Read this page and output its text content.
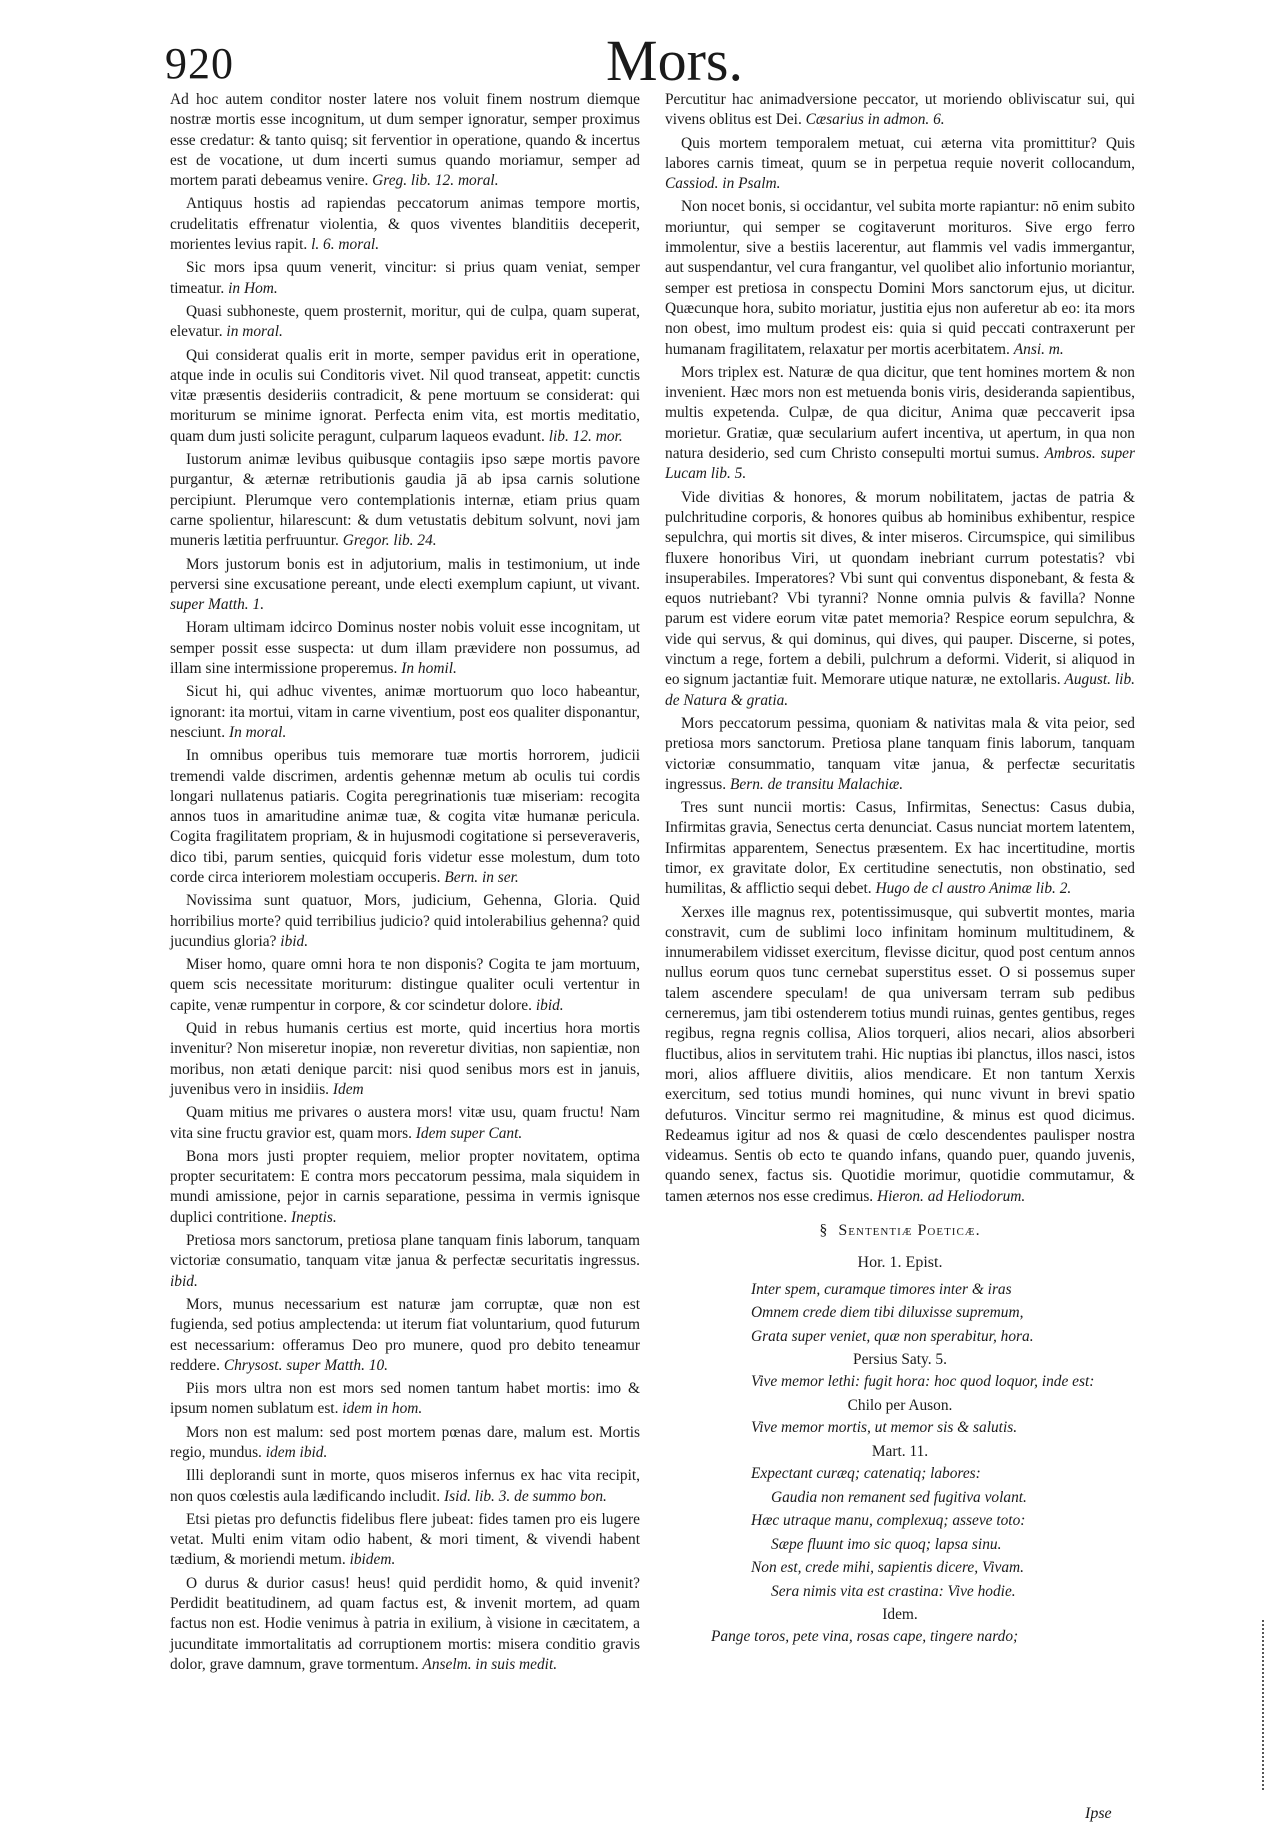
920	Mors.

Ad hoc autem conditor noster latere nos voluit finem nostrum diemque nostræ mortis esse incognitum, ut dum semper ignoratur, semper proximus esse credatur: & tanto quisq; sit ferventior in operatione, quando & incertus est de vocatione, ut dum incerti sumus quando moriamur, semper ad mortem parati debeamus venire. Greg. lib. 12. moral.

Antiquus hostis ad rapiendas peccatorum animas tempore mortis, crudelitatis effrenatur violentia, & quos viventes blanditiis deceperit, morientes levius rapit. l. 6. moral.

Sic mors ipsa quum venerit, vincitur: si prius quam veniat, semper timeatur. in Hom.

Quasi subhoneste, quem prosternit, moritur, qui de culpa, quam superat, elevatur. in moral.

Qui considerat qualis erit in morte, semper pavidus erit in operatione, atque inde in oculis sui Conditoris vivet. Nil quod transeat, appetit: cunctis vitæ præsentis desideriis contradicit, & pene mortuum se considerat: qui moriturum se minime ignorat. Perfecta enim vita, est mortis meditatio, quam dum justi solicite peragunt, culparum laqueos evadunt. lib. 12. mor.

Iustorum animæ levibus quibusque contagiis ipso sæpe mortis pavore purgantur, & æternæ retributionis gaudia jā ab ipsa carnis solutione percipiunt. Plerumque vero contemplationis internæ, etiam prius quam carne spolientur, hilarescunt: & dum vetustatis debitum solvunt, novi jam muneris lætitia perfruuntur. Gregor. lib. 24.

Mors justorum bonis est in adjutorium, malis in testimonium, ut inde perversi sine excusatione pereant, unde electi exemplum capiunt, ut vivant. super Matth. 1.

Horam ultimam idcirco Dominus noster nobis voluit esse incognitam, ut semper possit esse suspecta: ut dum illam prævidere non possumus, ad illam sine intermissione properemus. In homil.

Sicut hi, qui adhuc viventes, animæ mortuorum quo loco habeantur, ignorant: ita mortui, vitam in carne viventium, post eos qualiter disponantur, nesciunt. In moral.

In omnibus operibus tuis memorare tuæ mortis horrorem, judicii tremendi valde discrimen, ardentis gehennæ metum ab oculis tui cordis longari nullatenus patiaris. Cogita peregrinationis tuæ miseriam: recogita annos tuos in amaritudine animæ tuæ, & cogita vitæ humanæ pericula. Cogita fragilitatem propriam, & in hujusmodi cogitatione si perseveraveris, dico tibi, parum senties, quicquid foris videtur esse molestum, dum toto corde circa interiorem molestiam occuperis. Bern. in ser.

Novissima sunt quatuor, Mors, judicium, Gehenna, Gloria. Quid horribilius morte? quid terribilius judicio? quid intolerabilius gehenna? quid jucundius gloria? ibid.

Miser homo, quare omni hora te non disponis? Cogita te jam mortuum, quem scis necessitate moriturum: distingue qualiter oculi vertentur in capite, venæ rumpentur in corpore, & cor scindetur dolore. ibid.

Quid in rebus humanis certius est morte, quid incertius hora mortis invenitur? Non miseretur inopiæ, non reveretur divitias, non sapientiæ, non moribus, non ætati denique parcit: nisi quod senibus mors est in januis, juvenibus vero in insidiis. Idem

Quam mitius me privares o austera mors! vitæ usu, quam fructu! Nam vita sine fructu gravior est, quam mors. Idem super Cant.

Bona mors justi propter requiem, melior propter novitatem, optima propter securitatem: E contra mors peccatorum pessima, mala siquidem in mundi amissione, pejor in carnis separatione, pessima in vermis ignisque duplici contritione. Ineptis.

Pretiosa mors sanctorum, pretiosa plane tanquam finis laborum, tanquam victoriæ consumatio, tanquam vitæ janua & perfectæ securitatis ingressus. ibid.

Mors, munus necessarium est naturæ jam corruptæ, quæ non est fugienda, sed potius amplectenda: ut iterum fiat voluntarium, quod futurum est necessarium: offeramus Deo pro munere, quod pro debito teneamur reddere. Chrysost. super Matth. 10.

Piis mors ultra non est mors sed nomen tantum habet mortis: imo & ipsum nomen sublatum est. idem in hom.

Mors non est malum: sed post mortem pœnas dare, malum est. Mortis regio, mundus. idem ibid.

Illi deplorandi sunt in morte, quos miseros infernus ex hac vita recipit, non quos cœlestis aula lædificando includit. Isid. lib. 3. de summo bon.

Etsi pietas pro defunctis fidelibus flere jubeat: fides tamen pro eis lugere vetat. Multi enim vitam odio habent, & mori timent, & vivendi habent tædium, & moriendi metum. ibidem.

O durus & durior casus! heus! quid perdidit homo, & quid invenit? Perdidit beatitudinem, ad quam factus est, & invenit mortem, ad quam factus non est. Hodie venimus à patria in exilium, à visione in cæcitatem, a jucunditate immortalitatis ad corruptionem mortis: misera conditio gravis dolor, grave damnum, grave tormentum. Anselm. in suis medit.

Percutitur hac animadversione peccator, ut moriendo obliviscatur sui, qui vivens oblitus est Dei. Cæsarius in admon. 6.

Quis mortem temporalem metuat, cui æterna vita promittitur? Quis labores carnis timeat, quum se in perpetua requie noverit collocandum, Cassiod. in Psalm.

Non nocet bonis, si occidantur, vel subita morte rapiantur: nō enim subito moriuntur, qui semper se cogitaverunt morituros. Sive ergo ferro immolentur, sive a bestiis lacerentur, aut flammis vel vadis immergantur, aut suspendantur, vel cura frangantur, vel quolibet alio infortunio moriantur, semper est pretiosa in conspectu Domini Mors sanctorum ejus, ut dicitur. Quæcunque hora, subito moriatur, justitia ejus non auferetur ab eo: ita mors non obest, imo multum prodest eis: quia si quid peccati contraxerunt per humanam fragilitatem, relaxatur per mortis acerbitatem. Ansi. m.

Mors triplex est. Naturæ de qua dicitur, que tent homines mortem & non invenient. Hæc mors non est metuenda bonis viris, desideranda sapientibus, multis expetenda. Culpæ, de qua dicitur, Anima quæ peccaverit ipsa morietur. Gratiæ, quæ secularium aufert incentiva, ut apertum, in qua non natura desiderio, sed cum Christo consepulti mortui sumus. Ambros. super Lucam lib. 5.

Vide divitias & honores, & morum nobilitatem, jactas de patria & pulchritudine corporis, & honores quibus ab hominibus exhibentur, respice sepulchra, qui mortis sit dives, & inter miseros. Circumspice, qui similibus fluxere honoribus Viri, ut quondam inebriant currum potestatis? vbi insuperabiles. Imperatores? Vbi sunt qui conventus disponebant, & festa & equos nutriebant? Vbi tyranni? Nonne omnia pulvis & favilla? Nonne parum est videre eorum vitæ patet memoria? Respice eorum sepulchra, & vide qui servus, & qui dominus, qui dives, qui pauper. Discerne, si potes, vinctum a rege, fortem a debili, pulchrum a deformi. Viderit, si aliquod in eo signum jactantiæ fuit. Memorare utique naturæ, ne extollaris. August. lib. de Natura & gratia.

Mors peccatorum pessima, quoniam & nativitas mala & vita peior, sed pretiosa mors sanctorum. Pretiosa plane tanquam finis laborum, tanquam victoriæ consummatio, tanquam vitæ janua, & perfectæ securitatis ingressus. Bern. de transitu Malachiæ.

Tres sunt nuncii mortis: Casus, Infirmitas, Senectus: Casus dubia, Infirmitas gravia, Senectus certa denunciat. Casus nunciat mortem latentem, Infirmitas apparentem, Senectus præsentem. Ex hac incertitudine, mortis timor, ex gravitate dolor, Ex certitudine senectutis, non obstinatio, sed humilitas, & afflictio sequi debet. Hugo de cl austro Animæ lib. 2.

Xerxes ille magnus rex, potentissimusque, qui subvertit montes, maria constravit, cum de sublimi loco infinitam hominum multitudinem, & innumerabilem vidisset exercitum, flevisse dicitur, quod post centum annos nullus eorum quos tunc cernebat superstitus esset. O si possemus super talem ascendere speculam! de qua universam terram sub pedibus cerneremus, jam tibi ostenderem totius mundi ruinas, gentes gentibus, reges regibus, regna regnis collisa, Alios torqueri, alios necari, alios absorberi fluctibus, alios in servitutem trahi. Hic nuptias ibi planctus, illos nasci, istos mori, alios affluere divitiis, alios mendicare. Et non tantum Xerxis exercitum, sed totius mundi homines, qui nunc vivunt in brevi spatio defuturos. Vincitur sermo rei magnitudine, & minus est quod dicimus. Redeamus igitur ad nos & quasi de cœlo descendentes paulisper nostra videamus. Sentis ob ecto te quando infans, quando puer, quando juvenis, quando senex, factus sis. Quotidie morimur, quotidie commutamur, & tamen æternos nos esse credimus. Hieron. ad Heliodorum.

§ Sententiæ Poeticæ.
Hor. 1. Epist.

Inter spem, curamque timores inter & iras

Omnem crede diem tibi diluxisse supremum,

Grata super veniet, quæ non sperabitur, hora.

Persius Saty. 5.

Vive memor lethi: fugit hora: hoc quod loquor, inde est:

Chilo per Auson.

Vive memor mortis, ut memor sis & salutis.

Mart. 11.

Expectant curæq; catenatiq; labores:

Gaudia non remanent sed fugitiva volant.

Hæc utraque manu, complexuq; asseve toto:

Sæpe fluunt imo sic quoq; lapsa sinu.

Non est, crede mihi, sapientis dicere, Vivam.

Sera nimis vita est crastina: Vive hodie.

Idem.

Pange toros, pete vina, rosas cape, tingere nardo;

Ipse
